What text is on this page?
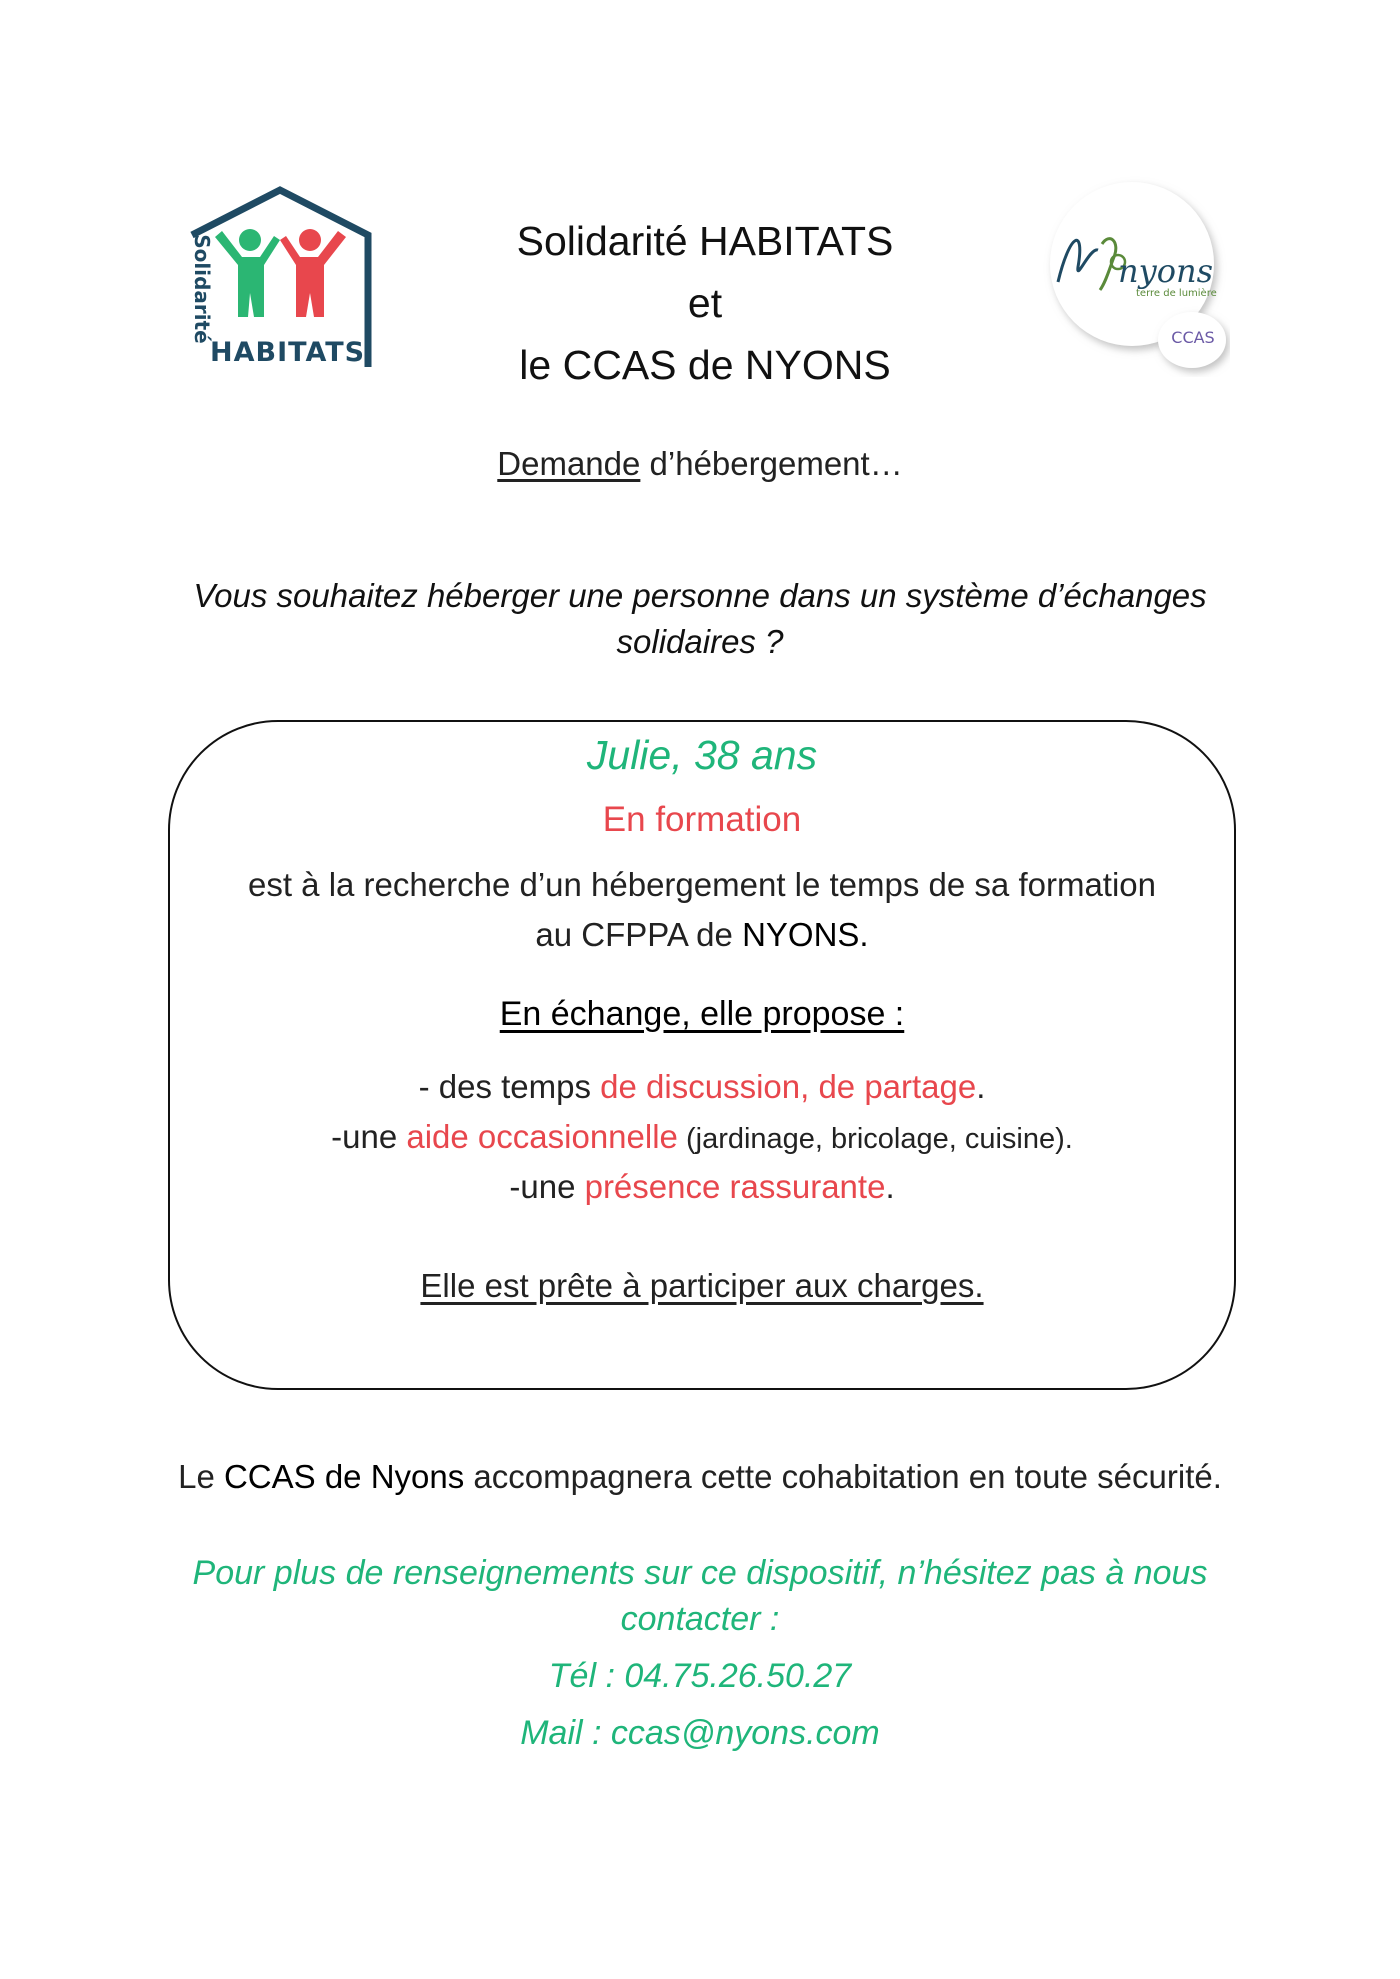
Solidarité
HABITATS
Solidarité HABITATS
et
le CCAS de NYONS
nyons
terre de lumière
CCAS
Demande d’hébergement…
Vous souhaitez héberger une personne dans un système d’échanges
solidaires ?
Julie, 38 ans
En formation
est à la recherche d’un hébergement le temps de sa formation
au CFPPA de NYONS.
En échange, elle propose :
- des temps de discussion, de partage.
-une aide occasionnelle (jardinage, bricolage, cuisine).
-une présence rassurante.
Elle est prête à participer aux charges.
Le CCAS de Nyons accompagnera cette cohabitation en toute sécurité.
Pour plus de renseignements sur ce dispositif, n’hésitez pas à nous
contacter :
Tél : 04.75.26.50.27
Mail : ccas@nyons.com
